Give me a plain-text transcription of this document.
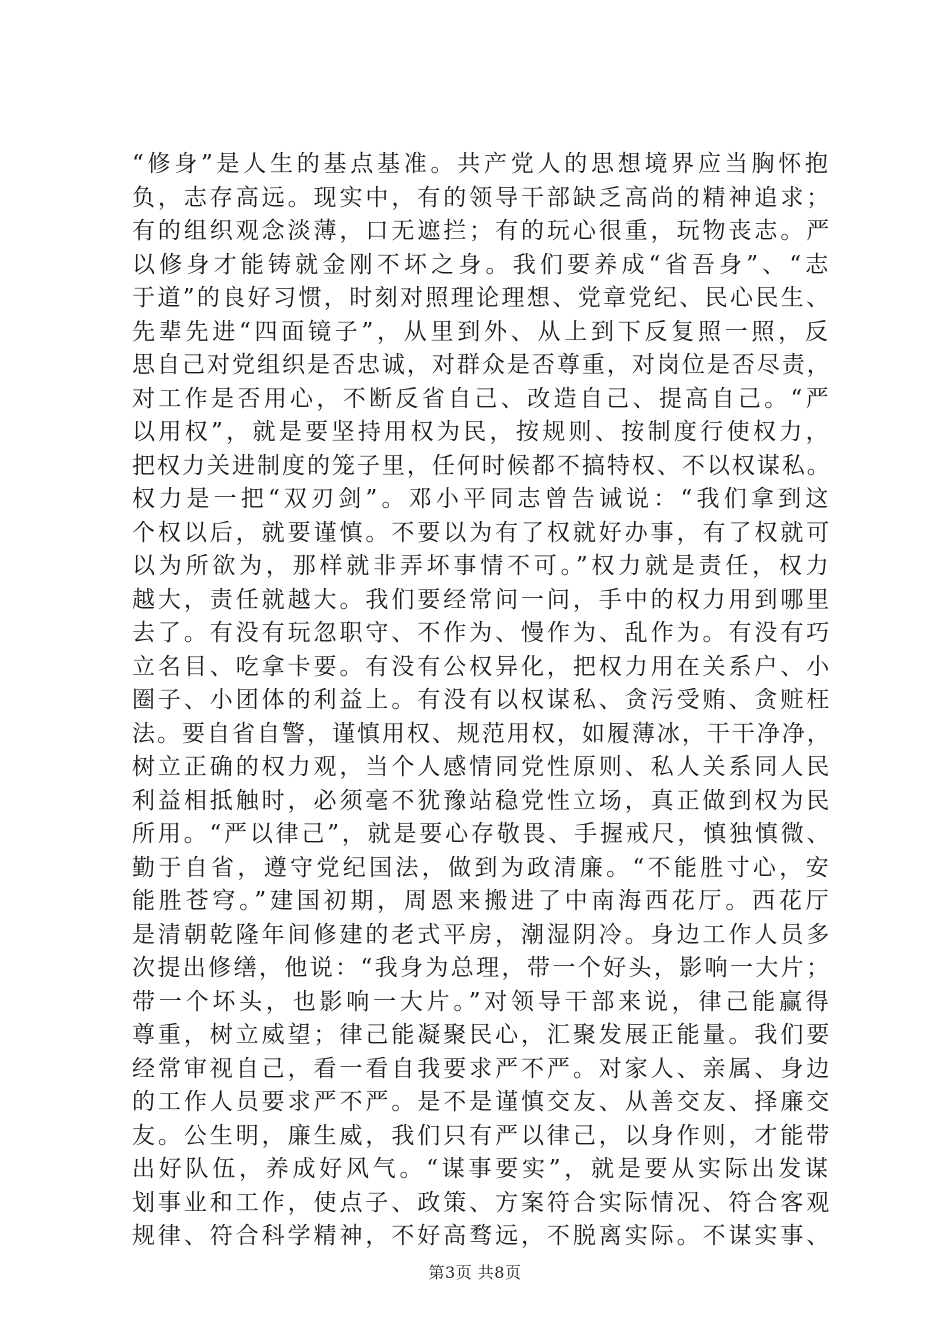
“修身”是人生的基点基准。共产党人的思想境界应当胸怀抱
负，志存高远。现实中，有的领导干部缺乏高尚的精神追求；
有的组织观念淡薄，口无遮拦；有的玩心很重，玩物丧志。严
以修身才能铸就金刚不坏之身。我们要养成“省吾身”、“志
于道”的良好习惯，时刻对照理论理想、党章党纪、民心民生、
先辈先进“四面镜子”，从里到外、从上到下反复照一照，反
思自己对党组织是否忠诚，对群众是否尊重，对岗位是否尽责，
对工作是否用心，不断反省自己、改造自己、提高自己。“严
以用权”，就是要坚持用权为民，按规则、按制度行使权力，
把权力关进制度的笼子里，任何时候都不搞特权、不以权谋私。
权力是一把“双刃剑”。邓小平同志曾告诫说：“我们拿到这
个权以后，就要谨慎。不要以为有了权就好办事，有了权就可
以为所欲为，那样就非弄坏事情不可。”权力就是责任，权力
越大，责任就越大。我们要经常问一问，手中的权力用到哪里
去了。有没有玩忽职守、不作为、慢作为、乱作为。有没有巧
立名目、吃拿卡要。有没有公权异化，把权力用在关系户、小
圈子、小团体的利益上。有没有以权谋私、贪污受贿、贪赃枉
法。要自省自警，谨慎用权、规范用权，如履薄冰，干干净净，
树立正确的权力观，当个人感情同党性原则、私人关系同人民
利益相抵触时，必须毫不犹豫站稳党性立场，真正做到权为民
所用。“严以律己”，就是要心存敬畏、手握戒尺，慎独慎微、
勤于自省，遵守党纪国法，做到为政清廉。“不能胜寸心，安
能胜苍穹。”建国初期，周恩来搬进了中南海西花厅。西花厅
是清朝乾隆年间修建的老式平房，潮湿阴冷。身边工作人员多
次提出修缮，他说：“我身为总理，带一个好头，影响一大片；
带一个坏头，也影响一大片。”对领导干部来说，律己能赢得
尊重，树立威望；律己能凝聚民心，汇聚发展正能量。我们要
经常审视自己，看一看自我要求严不严。对家人、亲属、身边
的工作人员要求严不严。是不是谨慎交友、从善交友、择廉交
友。公生明，廉生威，我们只有严以律己，以身作则，才能带
出好队伍，养成好风气。“谋事要实”，就是要从实际出发谋
划事业和工作，使点子、政策、方案符合实际情况、符合客观
规律、符合科学精神，不好高骛远，不脱离实际。不谋实事、
第3页 共8页
